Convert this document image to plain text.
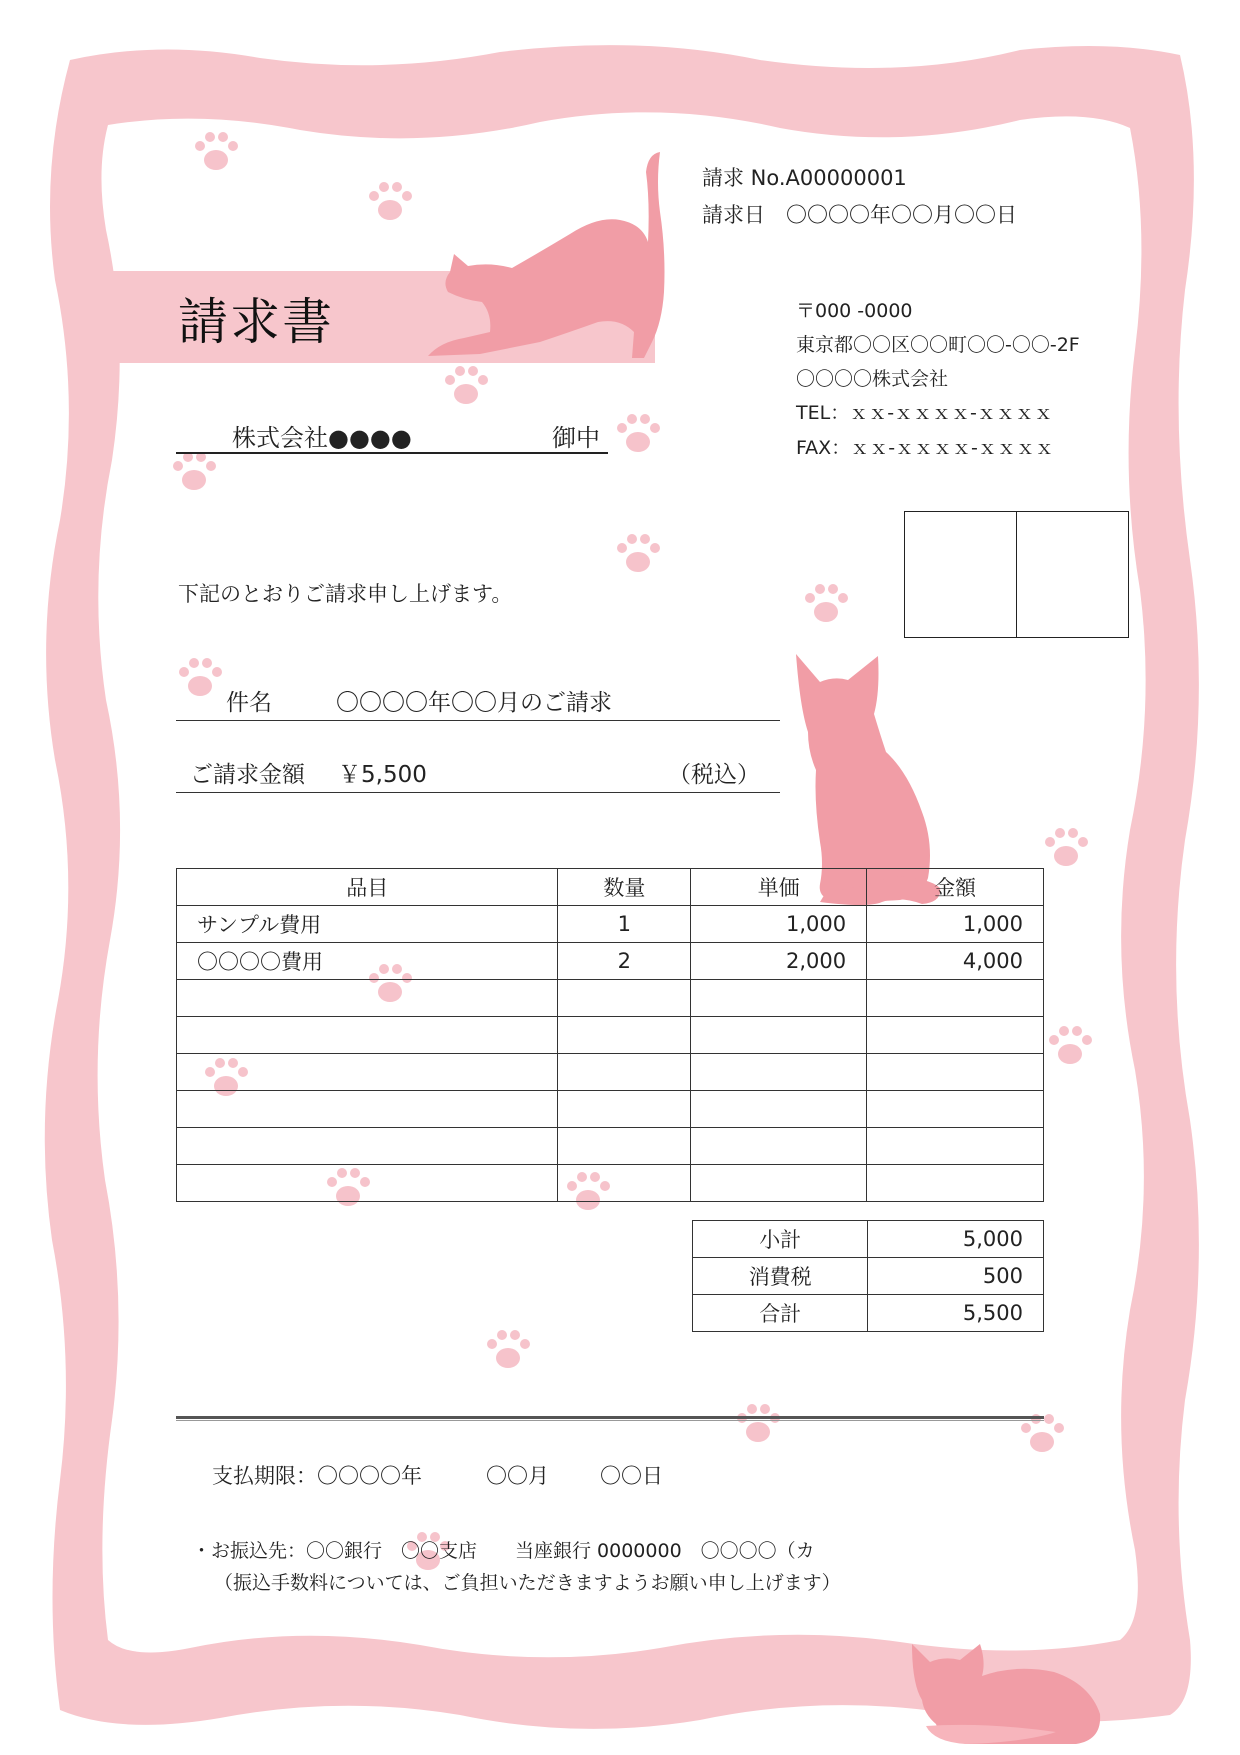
請求書
請求 No.A00000001
請求日　〇〇〇〇年〇〇月〇〇日
〒000 -0000
東京都〇〇区〇〇町〇〇-〇〇-2F
〇〇〇〇株式会社
TEL：ｘｘ-ｘｘｘｘ-ｘｘｘｘ
FAX：ｘｘ-ｘｘｘｘ-ｘｘｘｘ
株式会社●●●●	御中
下記のとおりご請求申し上げます。
件名	〇〇〇〇年〇〇月のご請求
ご請求金額 ￥5,500	（税込）
品目	数量	単価	金額
サンプル費用	1	1,000	1,000
〇〇〇〇費用	2	2,000	4,000

小計	5,000
消費税	500
合計	5,500
支払期限：〇〇〇〇年	〇〇月 〇〇日
・お振込先：〇〇銀行　〇〇支店　　当座銀行 0000000　〇〇〇〇（カ
（振込手数料については、ご負担いただきますようお願い申し上げます）
